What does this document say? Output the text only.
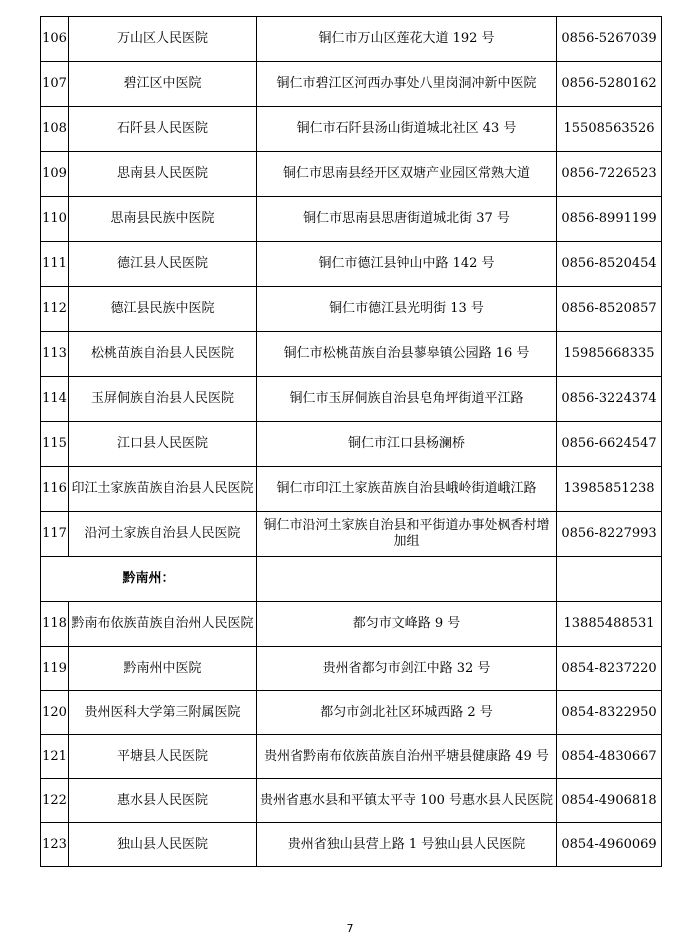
106	万山区人民医院	铜仁市万山区莲花大道 192 号	0856-5267039
107	碧江区中医院	铜仁市碧江区河西办事处八里岗洞冲新中医院	0856-5280162
108	石阡县人民医院	铜仁市石阡县汤山街道城北社区 43 号	15508563526
109	思南县人民医院	铜仁市思南县经开区双塘产业园区常熟大道	0856-7226523
110	思南县民族中医院	铜仁市思南县思唐街道城北街 37 号	0856-8991199
111	德江县人民医院	铜仁市德江县钟山中路 142 号	0856-8520454
112	德江县民族中医院	铜仁市德江县光明街 13 号	0856-8520857
113	松桃苗族自治县人民医院	铜仁市松桃苗族自治县蓼皋镇公园路 16 号	15985668335
114	玉屏侗族自治县人民医院	铜仁市玉屏侗族自治县皂角坪街道平江路	0856-3224374
115	江口县人民医院	铜仁市江口县杨澜桥	0856-6624547
116	印江土家族苗族自治县人民医院	铜仁市印江土家族苗族自治县峨岭街道峨江路	13985851238
117	沿河土家族自治县人民医院	铜仁市沿河土家族自治县和平街道办事处枫香村增加组	0856-8227993
黔南州：			
118	黔南布依族苗族自治州人民医院	都匀市文峰路 9 号	13885488531
119	黔南州中医院	贵州省都匀市剑江中路 32 号	0854-8237220
120	贵州医科大学第三附属医院	都匀市剑北社区环城西路 2 号	0854-8322950
121	平塘县人民医院	贵州省黔南布依族苗族自治州平塘县健康路 49 号	0854-4830667
122	惠水县人民医院	贵州省惠水县和平镇太平寺 100 号惠水县人民医院	0854-4906818
123	独山县人民医院	贵州省独山县营上路 1 号独山县人民医院	0854-4960069
7
